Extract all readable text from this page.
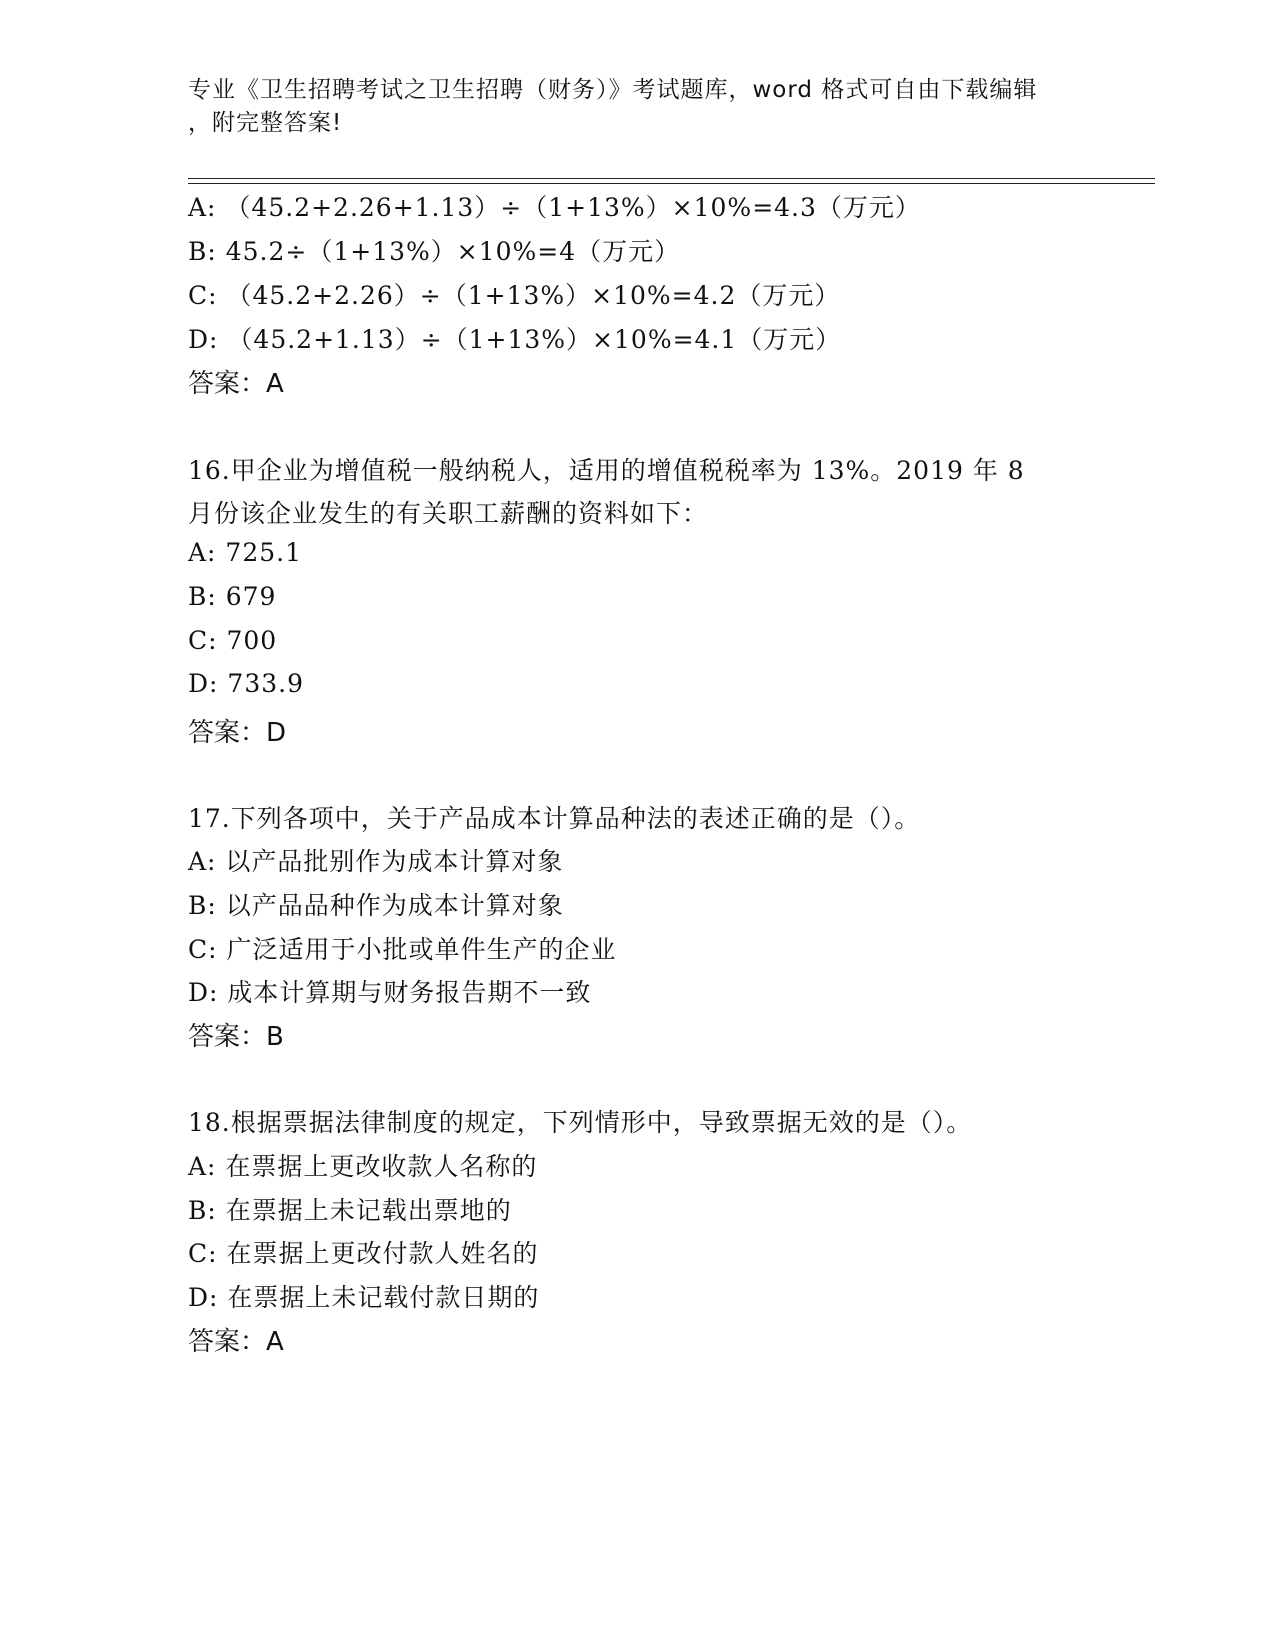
专业《卫生招聘考试之卫生招聘（财务）》考试题库，word 格式可自由下载编辑
，附完整答案!
A: （45.2+2.26+1.13）÷（1+13%）×10%=4.3（万元）
B: 45.2÷（1+13%）×10%=4（万元）
C: （45.2+2.26）÷（1+13%）×10%=4.2（万元）
D: （45.2+1.13）÷（1+13%）×10%=4.1（万元）
答案：A
16.甲企业为增值税一般纳税人，适用的增值税税率为 13%。2019 年 8
月份该企业发生的有关职工薪酬的资料如下：
A: 725.1
B: 679
C: 700
D: 733.9
答案：D
17.下列各项中，关于产品成本计算品种法的表述正确的是（）。
A: 以产品批别作为成本计算对象
B: 以产品品种作为成本计算对象
C: 广泛适用于小批或单件生产的企业
D: 成本计算期与财务报告期不一致
答案：B
18.根据票据法律制度的规定，下列情形中，导致票据无效的是（）。
A: 在票据上更改收款人名称的
B: 在票据上未记载出票地的
C: 在票据上更改付款人姓名的
D: 在票据上未记载付款日期的
答案：A
